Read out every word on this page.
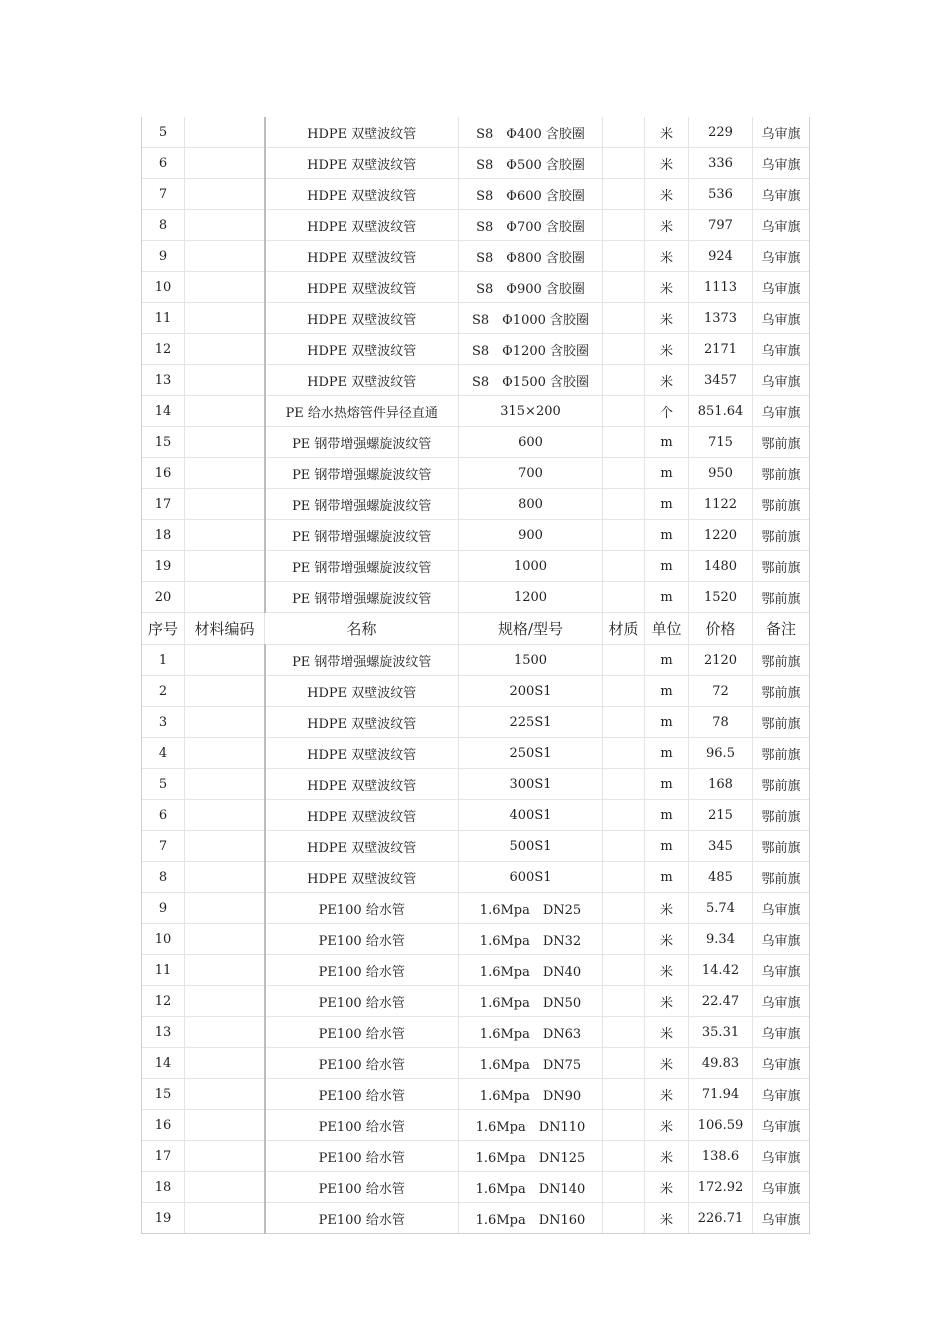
5		HDPE 双壁波纹管	S8　Φ400 含胶圈		米	229	乌审旗
6		HDPE 双壁波纹管	S8　Φ500 含胶圈		米	336	乌审旗
7		HDPE 双壁波纹管	S8　Φ600 含胶圈		米	536	乌审旗
8		HDPE 双壁波纹管	S8　Φ700 含胶圈		米	797	乌审旗
9		HDPE 双壁波纹管	S8　Φ800 含胶圈		米	924	乌审旗
10		HDPE 双壁波纹管	S8　Φ900 含胶圈		米	1113	乌审旗
11		HDPE 双壁波纹管	S8　Φ1000 含胶圈		米	1373	乌审旗
12		HDPE 双壁波纹管	S8　Φ1200 含胶圈		米	2171	乌审旗
13		HDPE 双壁波纹管	S8　Φ1500 含胶圈		米	3457	乌审旗
14		PE 给水热熔管件异径直通	315×200		个	851.64	乌审旗
15		PE 钢带增强螺旋波纹管	600		m	715	鄂前旗
16		PE 钢带增强螺旋波纹管	700		m	950	鄂前旗
17		PE 钢带增强螺旋波纹管	800		m	1122	鄂前旗
18		PE 钢带增强螺旋波纹管	900		m	1220	鄂前旗
19		PE 钢带增强螺旋波纹管	1000		m	1480	鄂前旗
20		PE 钢带增强螺旋波纹管	1200		m	1520	鄂前旗
序号	材料编码	名称	规格/型号	材质	单位	价格	备注
1		PE 钢带增强螺旋波纹管	1500		m	2120	鄂前旗
2		HDPE 双壁波纹管	200S1		m	72	鄂前旗
3		HDPE 双壁波纹管	225S1		m	78	鄂前旗
4		HDPE 双壁波纹管	250S1		m	96.5	鄂前旗
5		HDPE 双壁波纹管	300S1		m	168	鄂前旗
6		HDPE 双壁波纹管	400S1		m	215	鄂前旗
7		HDPE 双壁波纹管	500S1		m	345	鄂前旗
8		HDPE 双壁波纹管	600S1		m	485	鄂前旗
9		PE100 给水管	1.6Mpa　DN25		米	5.74	乌审旗
10		PE100 给水管	1.6Mpa　DN32		米	9.34	乌审旗
11		PE100 给水管	1.6Mpa　DN40		米	14.42	乌审旗
12		PE100 给水管	1.6Mpa　DN50		米	22.47	乌审旗
13		PE100 给水管	1.6Mpa　DN63		米	35.31	乌审旗
14		PE100 给水管	1.6Mpa　DN75		米	49.83	乌审旗
15		PE100 给水管	1.6Mpa　DN90		米	71.94	乌审旗
16		PE100 给水管	1.6Mpa　DN110		米	106.59	乌审旗
17		PE100 给水管	1.6Mpa　DN125		米	138.6	乌审旗
18		PE100 给水管	1.6Mpa　DN140		米	172.92	乌审旗
19		PE100 给水管	1.6Mpa　DN160		米	226.71	乌审旗
